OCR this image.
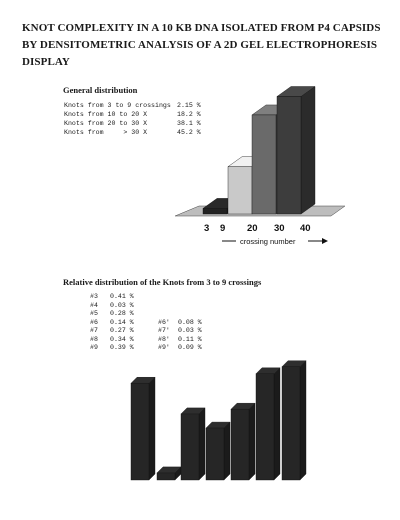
KNOT COMPLEXITY IN A 10 KB DNA ISOLATED FROM P4 CAPSIDS
BY DENSITOMETRIC ANALYSIS OF A 2D GEL ELECTROPHORESIS DISPLAY
General distribution
Knots from 3 to 9 crossings 2.15 %
Knots from 10 to 20 X	18.2 %
Knots from 20 to 30 X	38.1 %
Knots from     > 30 X	45.2 %
Relative distribution of the Knots from 3 to 9 crossings
#3 0.41 %
#4 0.03 %
#5 0.28 %
#6 0.14 %	#6' 0.08 %
#7 0.27 %	#7' 0.03 %
#8 0.34 %	#8' 0.11 %
#9 0.39 %	#9' 0.09 %
3 9 20 30 40
crossing number
